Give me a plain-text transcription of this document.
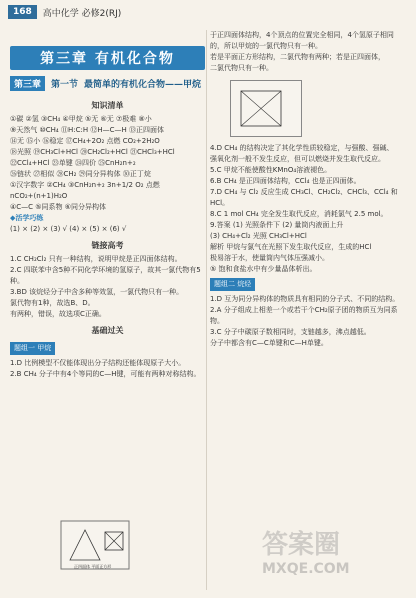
168	高中化学 必修2(RJ)
第三章 有机化合物
第三章	第一节 最简单的有机化合物——甲烷
知识清单
①碳 ②氢 ③CH₄ ④甲烷 ⑤无 ⑥无 ⑦极难 ⑧小
⑨天然气 ⑩CH₄ ⑪H:C:H ⑫H—C—H ⑬正四面体
⑭无 ⑮小 ⑯稳定 ⑰CH₄+2O₂ 点燃 CO₂+2H₂O
⑱光照 ⑲CH₃Cl+HCl ⑳CH₂Cl₂+HCl ㉑CHCl₃+HCl
㉒CCl₄+HCl ㉓单键 ㉔四价 ㉕CnH₂n+₂
㉖链状 ㉗相似 ㉘CH₂ ㉙同分异构体 ㉚正丁烷
①汉字数字 ②CH₄ ③CnH₂n+₂ 3n+1/2 O₂ 点燃
nCO₂+(n+1)H₂O
④C—C ⑤同系物 ⑥同分异构体
◆活学巧练
(1) × (2) × (3) √ (4) × (5) × (6) √
链接高考
1.C CH₂Cl₂ 只有一种结构，说明甲烷是正四面体结构。
2.C 四联苯中含5种不同化学环境的氢原子，故其一氯代物有5种。
3.BD 该烷烃分子中含多种等效氢，一氯代物只有一种。
氯代物有1种，故选B、D。
有两种，错误，故选项C正确。
基础过关
题组一 甲烷
1.D 比例模型不仅能体现出分子结构还能体现原子大小。
2.B CH₄ 分子中有4个等同的C—H键，可能有两种对称结构。
正四面体 平面正方形
于正四面体结构，4个顶点的位置完全相同，4个氢原子相同
的，所以甲烷的一氯代物只有一种。
若是平面正方形结构，二氯代物有两种；若是正四面体，
二氯代物只有一种。
4.D CH₄ 的结构决定了其化学性质较稳定，与强酸、强碱、
强氧化剂一般不发生反应，但可以燃烧并发生取代反应。
5.C 甲烷不能使酸性KMnO₄溶液褪色。
6.B CH₄ 是正四面体结构，CCl₄ 也是正四面体。
7.D CH₄ 与 Cl₂ 反应生成 CH₃Cl、CH₂Cl₂、CHCl₃、CCl₄ 和 HCl。
8.C 1 mol CH₄ 完全发生取代反应，消耗氯气 2.5 mol。
9.答案 (1) 光照条件下 (2) 量筒内液面上升
(3) CH₄+Cl₂ 光照 CH₃Cl+HCl
解析 甲烷与氯气在光照下发生取代反应，生成的HCl
极易溶于水，使量筒内气体压强减小。
⑤ 饱和食盐水中有少量晶体析出。
题组二 烷烃
1.D 互为同分异构体的物质具有相同的分子式、不同的结构。
2.A 分子组成上相差一个或若干个CH₂原子团的物质互为同系物。
3.C 分子中碳原子数相同时，支链越多，沸点越低。
分子中都含有C—C单键和C—H单键。
答案圈
MXQE.COM
